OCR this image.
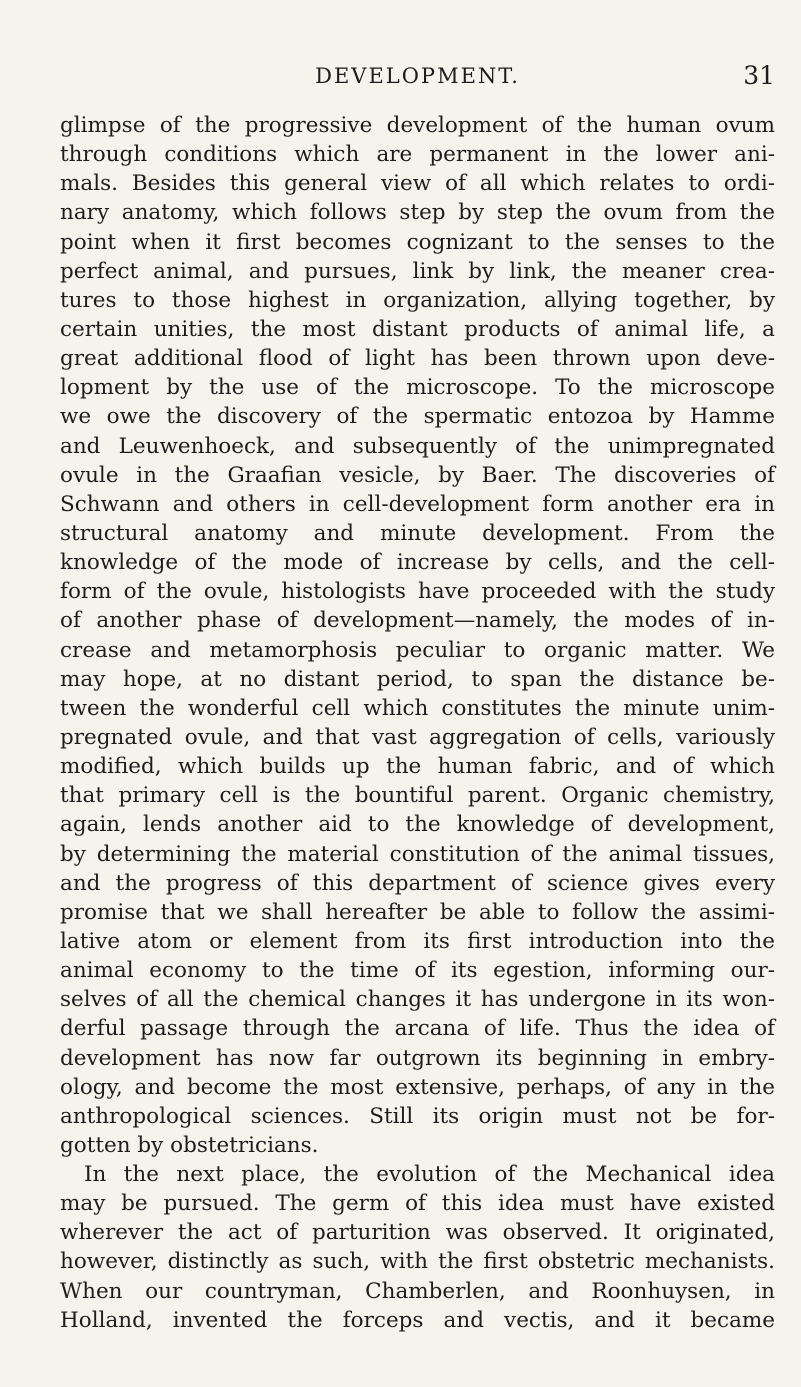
DEVELOPMENT.	31
glimpse of the progressive development of the human ovum
through conditions which are permanent in the lower ani-
mals. Besides this general view of all which relates to ordi-
nary anatomy, which follows step by step the ovum from the
point when it first becomes cognizant to the senses to the
perfect animal, and pursues, link by link, the meaner crea-
tures to those highest in organization, allying together, by
certain unities, the most distant products of animal life, a
great additional flood of light has been thrown upon deve-
lopment by the use of the microscope. To the microscope
we owe the discovery of the spermatic entozoa by Hamme
and Leuwenhoeck, and subsequently of the unimpregnated
ovule in the Graafian vesicle, by Baer. The discoveries of
Schwann and others in cell-development form another era in
structural anatomy and minute development. From the
knowledge of the mode of increase by cells, and the cell-
form of the ovule, histologists have proceeded with the study
of another phase of development—namely, the modes of in-
crease and metamorphosis peculiar to organic matter. We
may hope, at no distant period, to span the distance be-
tween the wonderful cell which constitutes the minute unim-
pregnated ovule, and that vast aggregation of cells, variously
modified, which builds up the human fabric, and of which
that primary cell is the bountiful parent. Organic chemistry,
again, lends another aid to the knowledge of development,
by determining the material constitution of the animal tissues,
and the progress of this department of science gives every
promise that we shall hereafter be able to follow the assimi-
lative atom or element from its first introduction into the
animal economy to the time of its egestion, informing our-
selves of all the chemical changes it has undergone in its won-
derful passage through the arcana of life. Thus the idea of
development has now far outgrown its beginning in embry-
ology, and become the most extensive, perhaps, of any in the
anthropological sciences. Still its origin must not be for-
gotten by obstetricians.
In the next place, the evolution of the Mechanical idea
may be pursued. The germ of this idea must have existed
wherever the act of parturition was observed. It originated,
however, distinctly as such, with the first obstetric mechanists.
When our countryman, Chamberlen, and Roonhuysen, in
Holland, invented the forceps and vectis, and it became
